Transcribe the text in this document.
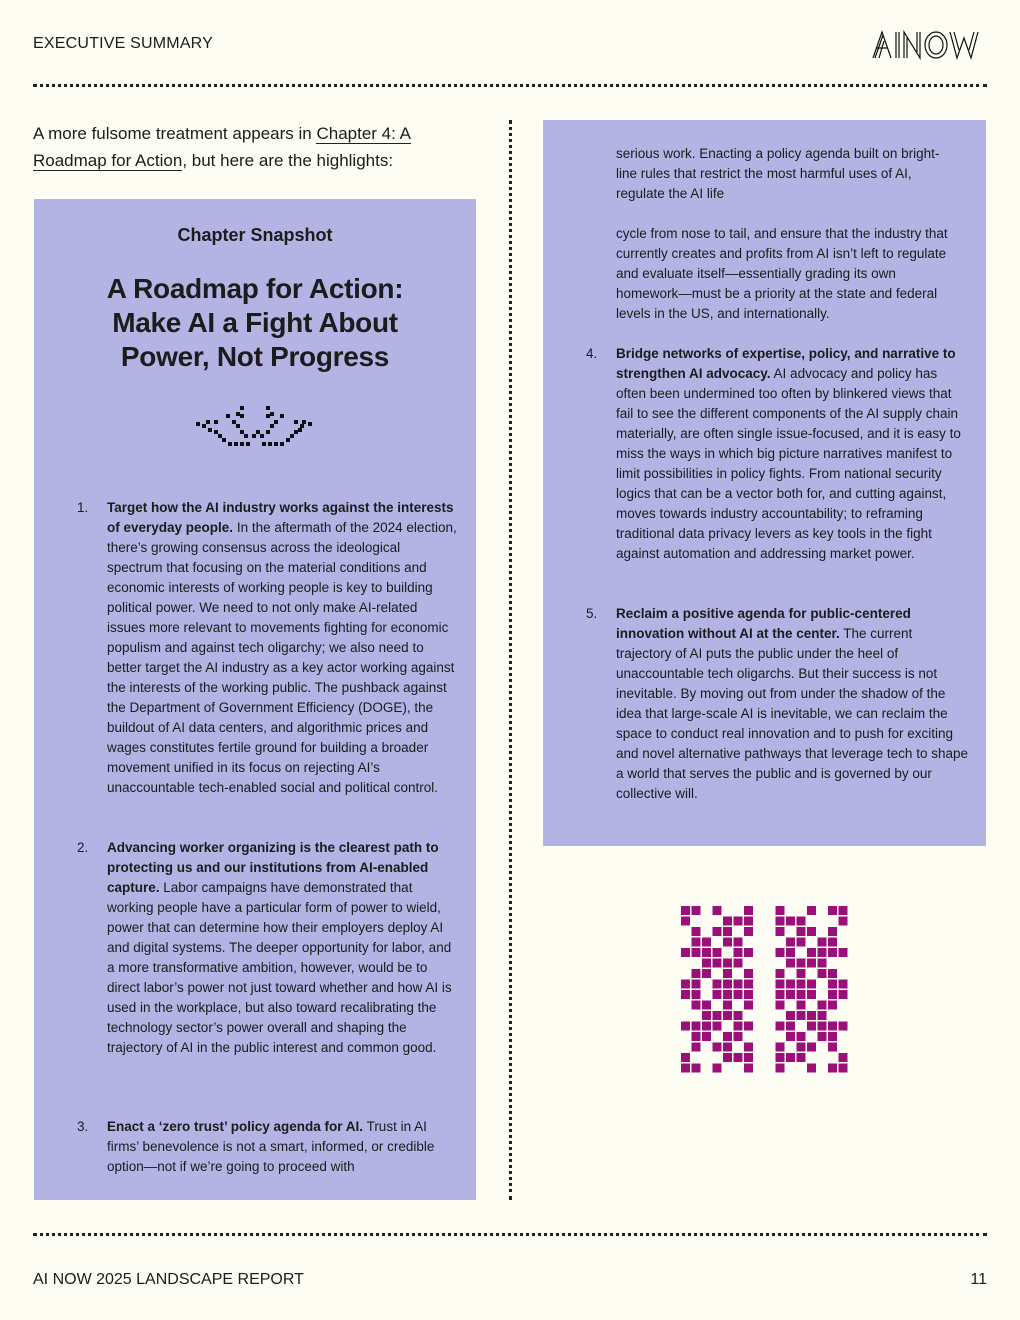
EXECUTIVE SUMMARY
A more fulsome treatment appears in Chapter 4: A Roadmap for Action, but here are the highlights:
Chapter Snapshot
A Roadmap for Action:
Make AI a Fight About
Power, Not Progress
1. Target how the AI industry works against the interests of everyday people. In the aftermath of the 2024 election, there’s growing consensus across the ideological spectrum that focusing on the material conditions and economic interests of working people is key to building political power. We need to not only make AI-related issues more relevant to movements fighting for economic populism and against tech oligarchy; we also need to better target the AI industry as a key actor working against the interests of the working public. The pushback against the Department of Government Efficiency (DOGE), the buildout of AI data centers, and algorithmic prices and wages constitutes fertile ground for building a broader movement unified in its focus on rejecting AI’s unaccountable tech-enabled social and political control.
2. Advancing worker organizing is the clearest path to protecting us and our institutions from AI-enabled capture. Labor campaigns have demonstrated that working people have a particular form of power to wield, power that can determine how their employers deploy AI and digital systems. The deeper opportunity for labor, and a more transformative ambition, however, would be to direct labor’s power not just toward whether and how AI is used in the workplace, but also toward recalibrating the technology sector’s power overall and shaping the trajectory of AI in the public interest and common good.
3. Enact a ‘zero trust’ policy agenda for AI. Trust in AI firms’ benevolence is not a smart, informed, or credible option—not if we’re going to proceed with
serious work. Enacting a policy agenda built on bright-line rules that restrict the most harmful uses of AI, regulate the AI life
cycle from nose to tail, and ensure that the industry that currently creates and profits from AI isn’t left to regulate and evaluate itself—essentially grading its own homework—must be a priority at the state and federal levels in the US, and internationally.
4. Bridge networks of expertise, policy, and narrative to strengthen AI advocacy. AI advocacy and policy has often been undermined too often by blinkered views that fail to see the different components of the AI supply chain materially, are often single issue-focused, and it is easy to miss the ways in which big picture narratives manifest to limit possibilities in policy fights. From national security logics that can be a vector both for, and cutting against, moves towards industry accountability; to reframing traditional data privacy levers as key tools in the fight against automation and addressing market power.
5. Reclaim a positive agenda for public-centered innovation without AI at the center. The current trajectory of AI puts the public under the heel of unaccountable tech oligarchs. But their success is not inevitable. By moving out from under the shadow of the idea that large-scale AI is inevitable, we can reclaim the space to conduct real innovation and to push for exciting and novel alternative pathways that leverage tech to shape a world that serves the public and is governed by our collective will.
AI NOW 2025 LANDSCAPE REPORT	11
